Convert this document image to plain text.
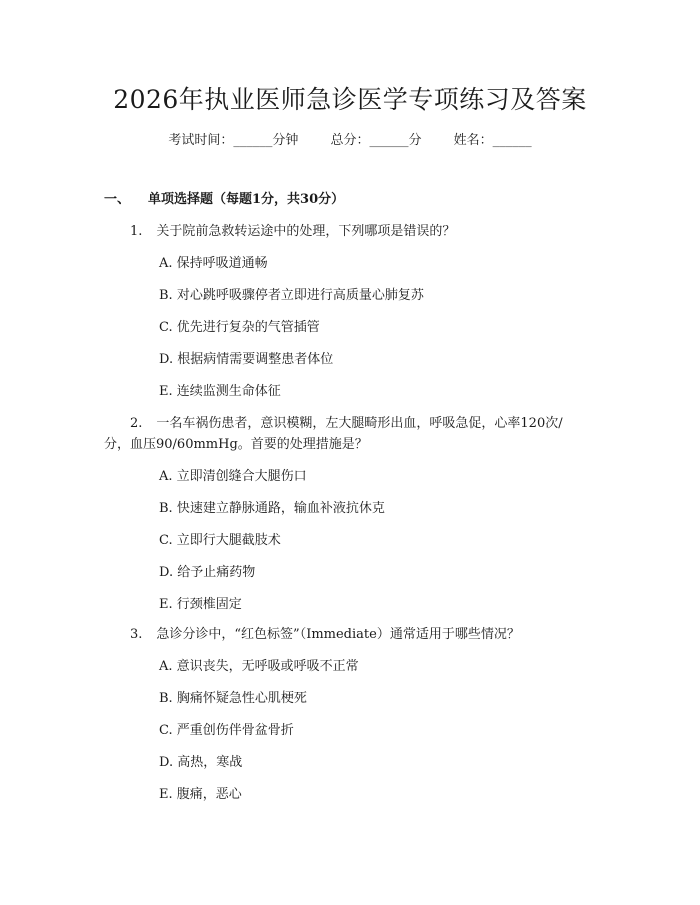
2026年执业医师急诊医学专项练习及答案
考试时间：______分钟 总分：______分 姓名：______
一、 单项选择题（每题1分，共30分）
1. 关于院前急救转运途中的处理，下列哪项是错误的？
A. 保持呼吸道通畅
B. 对心跳呼吸骤停者立即进行高质量心肺复苏
C. 优先进行复杂的气管插管
D. 根据病情需要调整患者体位
E. 连续监测生命体征
2. 一名车祸伤患者，意识模糊，左大腿畸形出血，呼吸急促，心率120次/
分，血压90/60mmHg。首要的处理措施是？
A. 立即清创缝合大腿伤口
B. 快速建立静脉通路，输血补液抗休克
C. 立即行大腿截肢术
D. 给予止痛药物
E. 行颈椎固定
3. 急诊分诊中，“红色标签”（Immediate）通常适用于哪些情况？
A. 意识丧失，无呼吸或呼吸不正常
B. 胸痛怀疑急性心肌梗死
C. 严重创伤伴骨盆骨折
D. 高热，寒战
E. 腹痛，恶心
